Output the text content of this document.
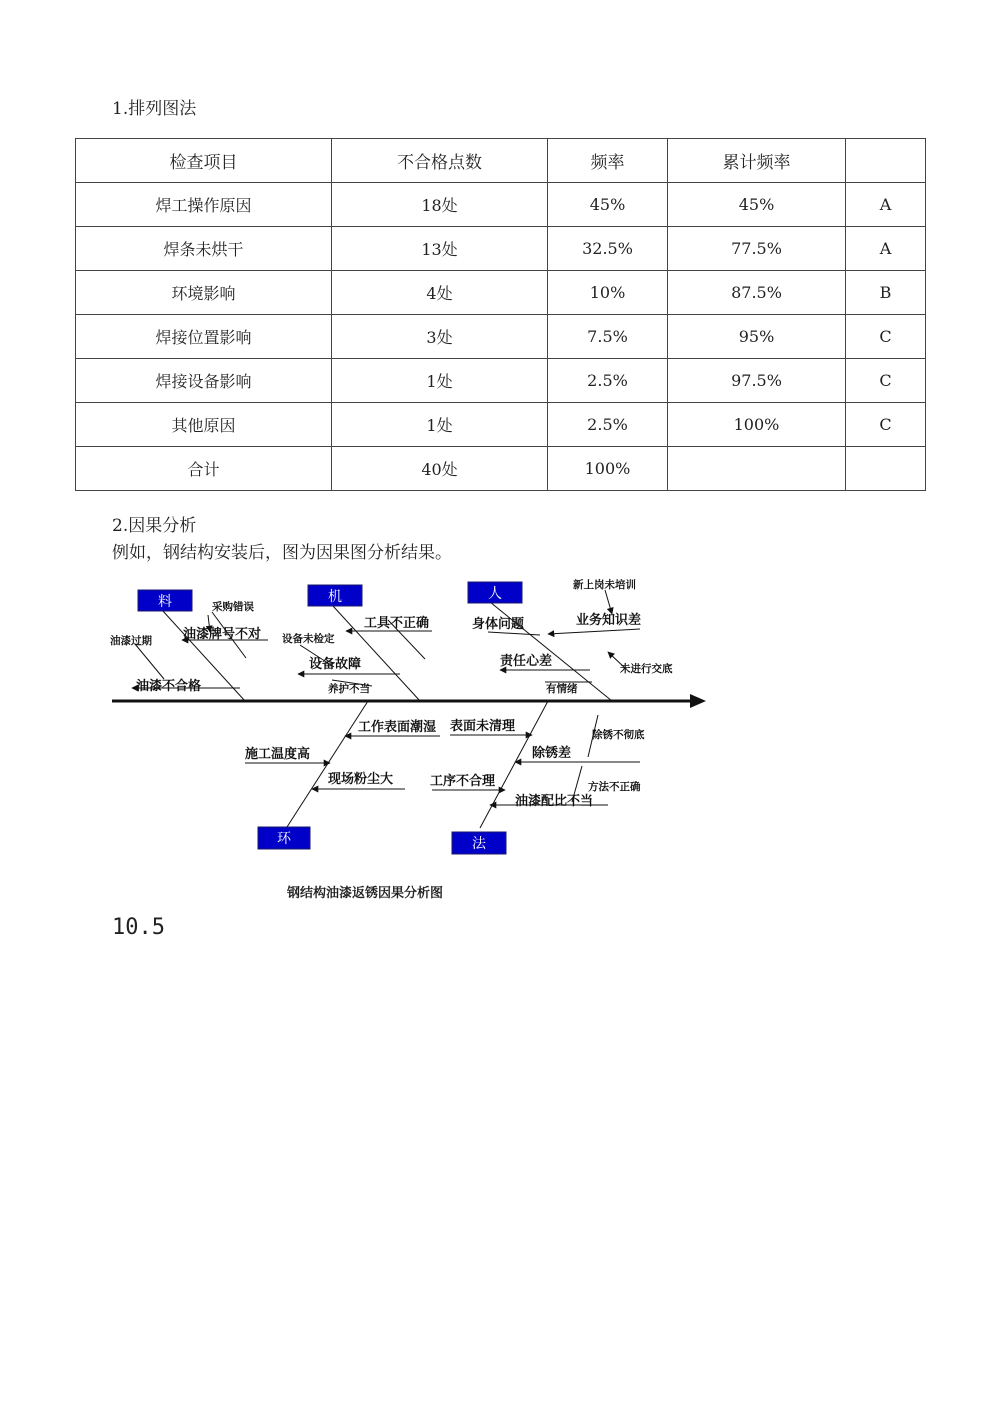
1.排列图法
检查项目	不合格点数	频率	累计频率	
焊工操作原因	18处	45%	45%	A
焊条未烘干	13处	32.5%	77.5%	A
环境影响	4处	10%	87.5%	B
焊接位置影响	3处	7.5%	95%	C
焊接设备影响	1处	2.5%	97.5%	C
其他原因	1处	2.5%	100%	C
合计	40处	100%		
2.因果分析
例如，钢结构安装后，图为因果图分析结果。
料	机	人
环	法
采购错误
油漆牌号不对
油漆过期
油漆不合格
工具不正确
设备未检定
设备故障
养护不当
新上岗未培训
身体问题	业务知识差
责任心差	未进行交底
有情绪
工作表面潮湿
施工温度高
现场粉尘大
表面未清理
除锈不彻底
除锈差
工序不合理	方法不正确
油漆配比不当
钢结构油漆返锈因果分析图
10.5
